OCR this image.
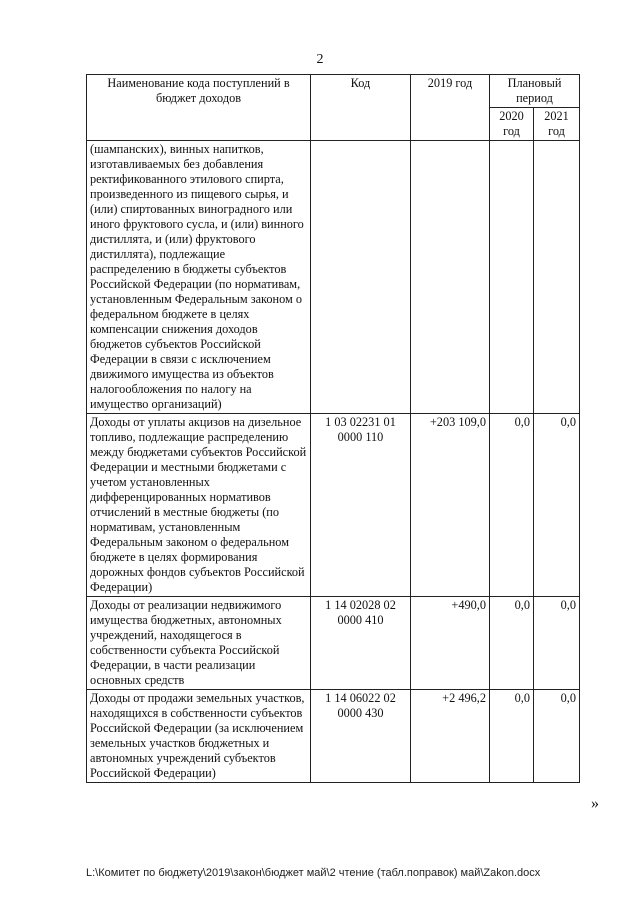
2
Наименование кода поступлений в бюджет доходов	Код	2019 год	Плановый период	
			2020 год	2021 год
(шампанских), винных напитков, изготавливаемых без добавления ректификованного этилового спирта, произведенного из пищевого сырья, и (или) спиртованных виноградного или иного фруктового сусла, и (или) винного дистиллята, и (или) фруктового дистиллята), подлежащие распределению в бюджеты субъектов Российской Федерации (по нормативам, установленным Федеральным законом о федеральном бюджете в целях компенсации снижения доходов бюджетов субъектов Российской Федерации в связи с исключением движимого имущества из объектов налогообложения по налогу на имущество организаций)				
Доходы от уплаты акцизов на дизельное топливо, подлежащие распределению между бюджетами субъектов Российской Федерации и местными бюджетами с учетом установленных дифференцированных нормативов отчислений в местные бюджеты (по нормативам, установленным Федеральным законом о федеральном бюджете в целях формирования дорожных фондов субъектов Российской Федерации)	1 03 02231 01 0000 110	+203 109,0	0,0	0,0
Доходы от реализации недвижимого имущества бюджетных, автономных учреждений, находящегося в собственности субъекта Российской Федерации, в части реализации основных средств	1 14 02028 02 0000 410	+490,0	0,0	0,0
Доходы от продажи земельных участков, находящихся в собственности субъектов Российской Федерации (за исключением земельных участков бюджетных и автономных учреждений субъектов Российской Федерации)	1 14 06022 02 0000 430	+2 496,2	0,0	0,0
»
L:\Комитет по бюджету\2019\закон\бюджет май\2 чтение (табл.поправок) май\Zakon.docx
